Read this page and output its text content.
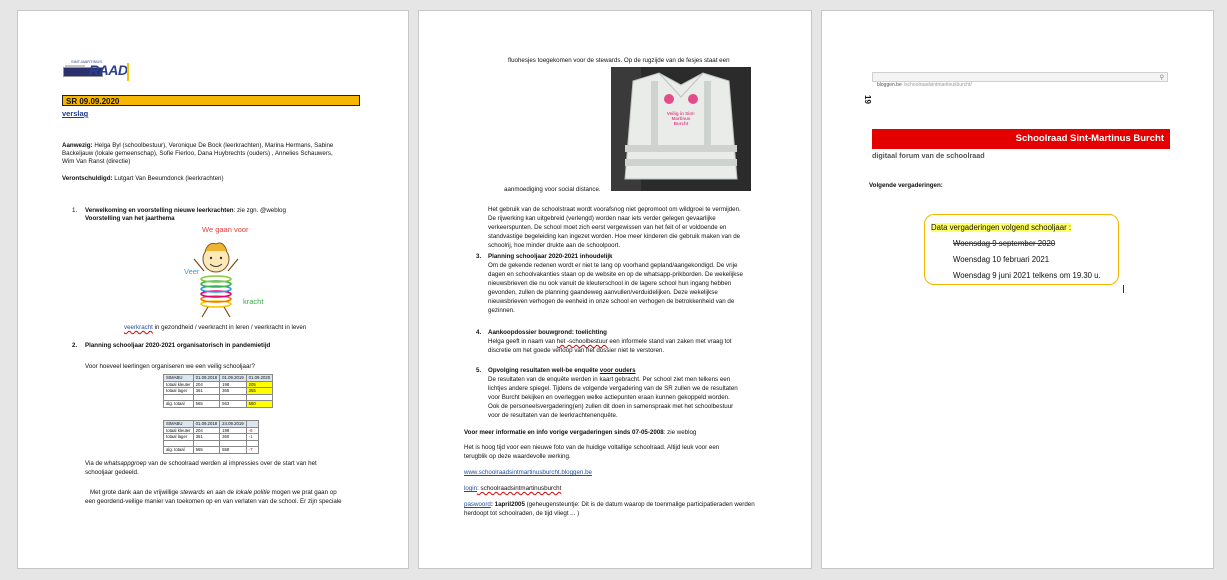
SINT-MARTINUS
RAAD
SR 09.09.2020
verslag
Aanwezig: Helga Byl (schoolbestuur), Veronique De Bock (leerkrachten), Marina Hermans, Sabine
Backeljauw (lokale gemeenschap), Sofie Fierloo, Dana Huybrechts (ouders) , Annelies Schauwers,
Wim Van Ranst (directie)
Verontschuldigd: Lutgart Van Beeumdonck (leerkrachten)
1. Verwelkoming en voorstelling nieuwe leerkrachten: zie zgn. @weblog
Voorstelling van het jaarthema
We gaan voor
Veer
kracht
veerkracht in gezondheid / veerkracht in leren / veerkracht in leven
2. Planning schooljaar 2020-2021 organisatorisch in pandemietijd
Voor hoeveel leerlingen organiseren we een veilig schooljaar?
SIMABU	01.09.2018	01.09.2019	01.09.2020
totaal kleuter	204	198	205
totaal lager	361	365	355

alg. totaal	565	563	560
SIMABU	01.09.2018	24.09.2019	
totaal kleuter	204	198	-6
totaal lager	361	360	-1

alg. totaal	565	558	-7
Via de whatsappgroep van de schoolraad werden al impressies over de start van het
schooljaar gedeeld.
Met grote dank aan de vrijwillige stewards en aan de lokale politie mogen we prat gaan op
een geordend-veilige manier van toekomen op en van verlaten van de school. Er zijn speciale
fluohesjes toegekomen voor de stewards. Op de rugzijde van de fesjes staat een
Veilig in Sint-Martinus
Burcht
aanmoediging voor social distance.
Het gebruik van de schoolstraat wordt voorafsnog niet gepromoot om wildgroei te vermijden.
De rijwerking kan uitgebreid (verlengd) worden naar iets verder gelegen gevaarlijke
verkeerspunten. De school moet zich eerst vergewissen van het feit of er voldoende en
standvastige begeleiding kan ingezet worden. Hoe meer kinderen die gebruik maken van de
schoolrij, hoe minder drukte aan de schoolpoort.
3. Planning schooljaar 2020-2021 inhoudelijk
Om de gekende redenen wordt er niet te lang op voorhand gepland/aangekondigd. De vrije
dagen en schoolvakanties staan op de website en op de whatsapp-prikborden. De wekelijkse
nieuwsbrieven die nu ook vanuit de kleuterschool in de lagere school hun ingang hebben
gevonden, zullen de planning gaandeweg aanvullen/verduidelijken. Deze wekelijkse
nieuwsbrieven verhogen de eenheid in onze school en verhogen de betrokkenheid van de
gezinnen.
4. Aankoopdossier bouwgrond: toelichting
Helga geeft in naam van het -schoolbestuur een informele stand van zaken met vraag tot
discretie om het goede verloop van het dossier niet te verstoren.
5. Opvolging resultaten well-be enquête voor ouders
De resultaten van de enquête werden in kaart gebracht. Per school ziet men telkens een
lichtjes andere spiegel. Tijdens de volgende vergadering van de SR zullen we de resultaten
voor Burcht bekijken en overleggen welke actiepunten eraan kunnen gekoppeld worden.
Ook de personeelsvergadering(en) zullen dit doen in samenspraak met het schoolbestuur
voor de resultaten van de leerkrachtenenquête.
Voor meer informatie en info vorige vergaderingen sinds 07-05-2008: zie weblog
Het is hoog tijd voor een nieuwe foto van de huidige voltallige schoolraad. Altijd leuk voor een
terugblik op deze waardevolle werking.
www.schoolraadsintmartinusburcht.bloggen.be
login: schoolraadsintmartinusburcht
paswoord: 1april2005 (geheugensteuntje: Dit is de datum waarop de toenmalige participatieraden werden
herdoopt tot schoolraden, de tijd vliegt ... )
bloggen.be /schoolraadsintmartinusburcht/
⚲
19
Schoolraad Sint-Martinus Burcht
digitaal forum van de schoolraad
Volgende vergaderingen:
Data vergaderingen volgend schooljaar :
Woensdag 9 september 2020
Woensdag 10 februari 2021
Woensdag 9 juni 2021 telkens om 19.30 u.
